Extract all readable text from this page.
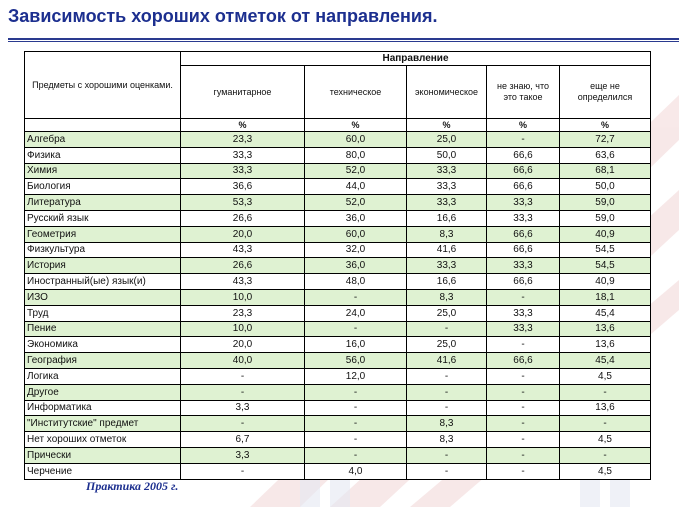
Зависимость хороших отметок от направления.
Предметы с хорошими оценками.	Направление				
	гуманитарное	техническое	экономическое	не знаю, что это такое	еще не определился
	%	%	%	%	%
Алгебра	23,3	60,0	25,0	-	72,7
Физика	33,3	80,0	50,0	66,6	63,6
Химия	33,3	52,0	33,3	66,6	68,1
Биология	36,6	44,0	33,3	66,6	50,0
Литература	53,3	52,0	33,3	33,3	59,0
Русский язык	26,6	36,0	16,6	33,3	59,0
Геометрия	20,0	60,0	8,3	66,6	40,9
Физкультура	43,3	32,0	41,6	66,6	54,5
История	26,6	36,0	33,3	33,3	54,5
Иностранный(ые) язык(и)	43,3	48,0	16,6	66,6	40,9
ИЗО	10,0	-	8,3	-	18,1
Труд	23,3	24,0	25,0	33,3	45,4
Пение	10,0	-	-	33,3	13,6
Экономика	20,0	16,0	25,0	-	13,6
География	40,0	56,0	41,6	66,6	45,4
Логика	-	12,0	-	-	4,5
Другое	-	-	-	-	-
Информатика	3,3	-	-	-	13,6
"Институтские" предмет	-	-	8,3	-	-
Нет хороших отметок	6,7	-	8,3	-	4,5
Прически	3,3	-	-	-	-
Черчение	-	4,0	-	-	4,5
Практика 2005 г.
